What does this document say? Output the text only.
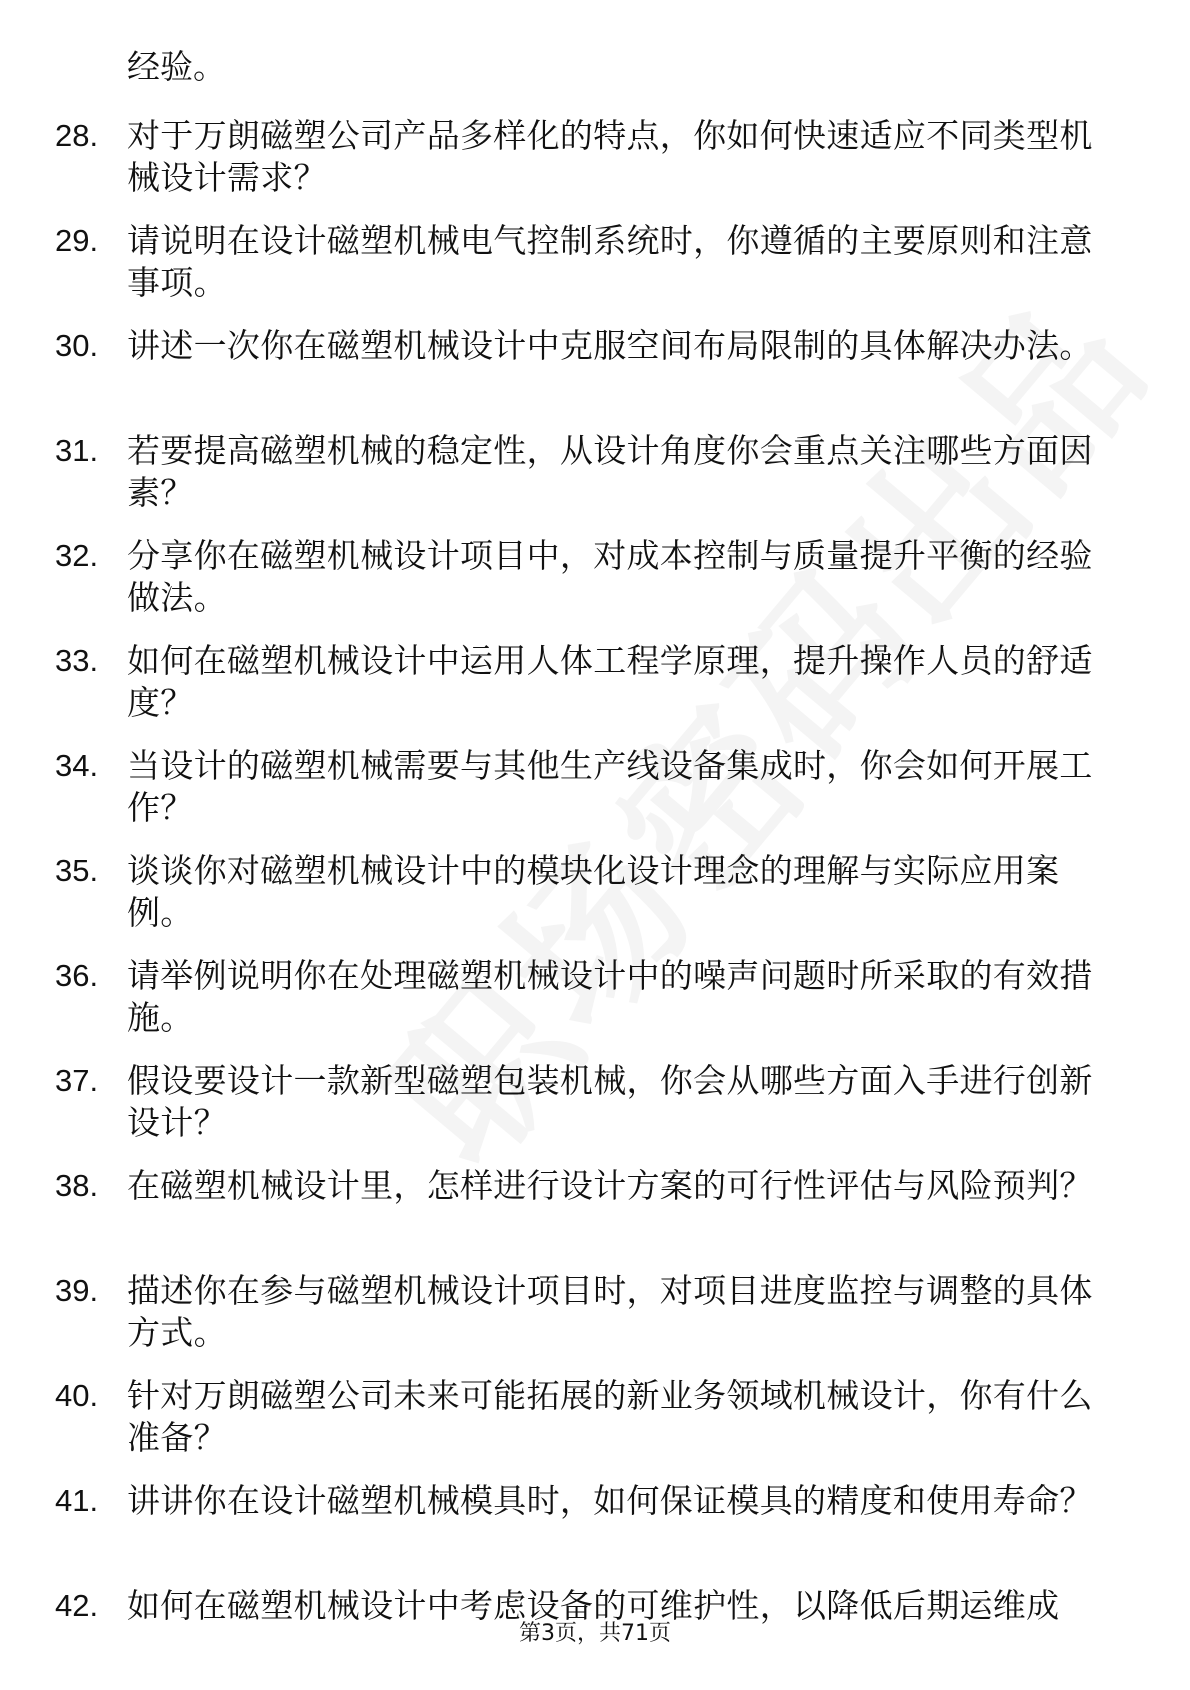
经验。
28. 对于万朗磁塑公司产品多样化的特点，你如何快速适应不同类型机械设计需求？
29. 请说明在设计磁塑机械电气控制系统时，你遵循的主要原则和注意事项。
30. 讲述一次你在磁塑机械设计中克服空间布局限制的具体解决办法。
31. 若要提高磁塑机械的稳定性，从设计角度你会重点关注哪些方面因素？
32. 分享你在磁塑机械设计项目中，对成本控制与质量提升平衡的经验做法。
33. 如何在磁塑机械设计中运用人体工程学原理，提升操作人员的舒适度？
34. 当设计的磁塑机械需要与其他生产线设备集成时，你会如何开展工作？
35. 谈谈你对磁塑机械设计中的模块化设计理念的理解与实际应用案例。
36. 请举例说明你在处理磁塑机械设计中的噪声问题时所采取的有效措施。
37. 假设要设计一款新型磁塑包装机械，你会从哪些方面入手进行创新设计？
38. 在磁塑机械设计里，怎样进行设计方案的可行性评估与风险预判？
39. 描述你在参与磁塑机械设计项目时，对项目进度监控与调整的具体方式。
40. 针对万朗磁塑公司未来可能拓展的新业务领域机械设计，你有什么准备？
41. 讲讲你在设计磁塑机械模具时，如何保证模具的精度和使用寿命？
42. 如何在磁塑机械设计中考虑设备的可维护性，以降低后期运维成
第3页，共71页
